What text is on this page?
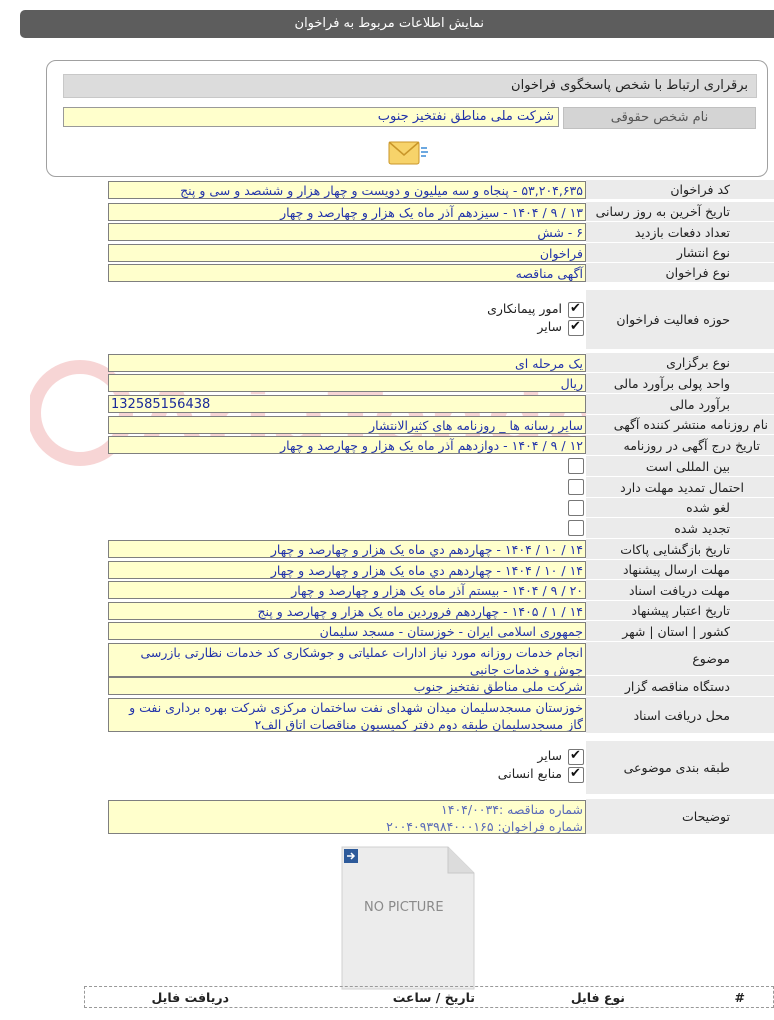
نمایش اطلاعات مربوط به فراخوان
برقراری ارتباط با شخص پاسخگوی فراخوان
نام شخص حقوقی
شرکت ملی مناطق نفتخیز جنوب
کد فراخوان
۵۳,۲۰۴,۶۳۵ - پنجاه و سه میلیون و دویست و چهار هزار و ششصد و سی و پنج
تاریخ آخرین به روز رسانی
۱۳ / ۹ / ۱۴۰۴ - سیزدهم آذر ماه یک هزار و چهارصد و چهار
تعداد دفعات بازدید
۶ - شش
نوع انتشار
فراخوان
نوع فراخوان
آگهی مناقصه
حوزه فعالیت فراخوان
✔
امور پیمانکاری
✔
سایر
نوع برگزاری
یک مرحله ای
واحد پولی برآورد مالی
ریال
برآورد مالی
132585156438
نام روزنامه منتشر کننده آگهی
سایر رسانه ها _ روزنامه های کثیرالانتشار
تاریخ درج آگهی در روزنامه
۱۲ / ۹ / ۱۴۰۴ - دوازدهم آذر ماه یک هزار و چهارصد و چهار
بین المللی است
احتمال تمدید مهلت دارد
لغو شده
تجدید شده
تاریخ بازگشایی پاکات
۱۴ / ۱۰ / ۱۴۰۴ - چهاردهم دي ماه یک هزار و چهارصد و چهار
مهلت ارسال پیشنهاد
۱۴ / ۱۰ / ۱۴۰۴ - چهاردهم دي ماه یک هزار و چهارصد و چهار
مهلت دریافت اسناد
۲۰ / ۹ / ۱۴۰۴ - بیستم آذر ماه یک هزار و چهارصد و چهار
تاریخ اعتبار پیشنهاد
۱۴ / ۱ / ۱۴۰۵ - چهاردهم فروردین ماه یک هزار و چهارصد و پنج
کشور | استان | شهر
جمهوری اسلامی ایران - خوزستان - مسجد سلیمان
موضوع
انجام خدمات روزانه مورد نیاز ادارات عملیاتی و جوشکاری کد خدمات نظارتی بازرسی جوش و خدمات جانبی
دستگاه مناقصه گزار
شرکت ملی مناطق نفتخیز جنوب
محل دریافت اسناد
خوزستان مسجدسلیمان میدان شهدای نفت ساختمان مرکزی شرکت بهره برداری نفت و گاز مسجدسلیمان طبقه دوم دفتر کمیسیون مناقصات اتاق الف۲
طبقه بندی موضوعی
✔
سایر
✔
منابع انسانی
توضیحات
شماره مناقصه :۱۴۰۴/۰۰۳۴
شماره فراخوان: ۲۰۰۴۰۹۳۹۸۴۰۰۰۱۶۵
NO PICTURE
#
نوع فایل
تاریخ / ساعت
دریافت فایل
